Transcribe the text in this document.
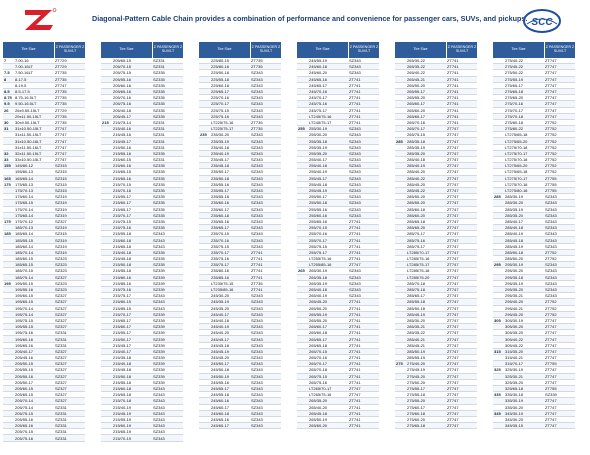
Diagonal-Pattern Cable Chain provides a combination of performance and convenience for passenger cars, SUVs, and pickups. SCC
Tire Size	Z PASSENGER Z SUV/LT
7	7.00-16	ZT729
7.00-16LT	ZT729
7.5	7.50-16LT	ZT735
8	8-17.5	ZT735
8-19.5	ZT747
8.5	8.5-17.5	ZT735
8.75 8.75-16.5LT	ZT735
9.5	9.50-16.5LT	ZT735
26	26x9.50-15LT	ZT729
29x11.50-15LT	ZT735
30	30x9.50-15LT	ZT735
31	31x10.50-15LT	ZT747
31x11.50-15LT	ZT747
31x10.50-16LT	ZT747
31x11.50-16LT	ZT747
32	32x11.50-15LT	ZT747
33	33x10.50-15LT	ZT747
155	145/80-12	SZ315
155/80-13	SZ315
165	165/65-14	SZ315
175	175/65-13	SZ315
175/70-13	SZ315
175/60-14	SZ319
175/65-15	SZ319
175/70-14	SZ319
175/65-14	SZ319
175	175/70-12	SZ327
185/70-13	SZ319
185	185/65-14	SZ315
185/55-15	SZ319
185/60-14	SZ319
185/70-14	SZ319
185/60-15	SZ323
185/65-15	SZ323
185/70-15	SZ323
185/75-14	SZ327
195	195/50-15	SZ323
195/55-16	SZ323
195/60-15	SZ327
195/65-15	SZ327
195/70-14	SZ327
195/75-14	SZ327
195/75-15	SZ327
195/55-15	SZ327
195/75-16	SZ331
195/60-16	SZ331
195/65-16	SZ331
205/40-17	SZ327
205/45-16	SZ327
205/50-15	SZ327
205/55-15	SZ327
205/55-16	SZ327
205/50-17	SZ327
205/60-15	SZ327
205/65-15	SZ327
205/70-14	SZ327
205/75-14	SZ331
205/75-15	SZ331
205/55-16	SZ331
205/65-16	SZ331
205/70-15	SZ331
205/75-16	SZ331
Tire Size	Z PASSENGER Z SUV/LT
205/65-15	SZ331
205/70-15	SZ331
205/75-15	SZ335
205/55-16	SZ335
205/60-16	SZ335
205/65-16	SZ335
205/70-16	SZ335
205/75-16	SZ335
205/40-18	SZ335
205/45-17	SZ335
215	215/75-14	SZ331
215/40-16	SZ331
215/45-16	SZ331
215/45-17	SZ331
215/50-16	SZ331
215/55-16	SZ335
215/60-15	SZ331
215/60-16	SZ335
215/65-15	SZ335
215/65-16	SZ335
215/70-15	SZ335
215/70-16	SZ335
215/55-17	SZ335
215/60-17	SZ335
215/65-17	SZ335
215/70-17	SZ335
215/75-15	SZ335
215/75-16	SZ335
215/55-18	SZ343
215/60-18	SZ343
215/65-18	SZ343
215/40-18	SZ335
215/45-18	SZ335
215/50-18	SZ335
215/55-18	SZ339
215/80-16	SZ339
215/85-16	SZ339
215/75-16	SZ339
215/75-17	SZ343
215/80-15	SZ343
215/85-15	SZ343
215/70-17	SZ339
215/65-17	SZ339
215/60-17	SZ339
215/55-17	SZ339
215/50-17	SZ339
215/45-17	SZ339
215/40-17	SZ339
215/35-18	SZ339
215/40-18	SZ339
215/45-18	SZ339
215/50-18	SZ339
215/55-18	SZ339
215/60-18	SZ343
215/65-18	SZ343
215/70-18	SZ343
215/40-19	SZ343
215/45-19	SZ343
215/55-19	SZ343
215/60-19	SZ343
215/65-19	SZ343
215/70-19	SZ343
Tire Size	Z PASSENGER Z SUV/LT
225/80-15	ZT735
225/80-16	ZT735
225/50-18	SZ343
225/55-18	SZ343
225/60-18	SZ343
225/65-17	SZ343
225/70-16	SZ343
225/70-17	SZ343
225/75-15	SZ343
225/75-16	SZ343
LT225/75-16	ZT735
LT225/75-17	ZT735
235	235/30-20	SZ343
235/35-19	SZ343
235/40-18	SZ343
235/40-19	SZ343
235/45-17	SZ343
235/45-18	SZ343
235/50-17	SZ343
235/50-18	SZ343
235/55-16	SZ343
235/55-17	SZ343
235/55-18	SZ343
235/60-16	SZ343
235/60-17	SZ343
235/60-18	SZ343
235/65-16	SZ343
235/65-17	SZ343
235/70-15	SZ343
235/70-16	SZ343
235/75-15	SZ343
235/70-17	ZT741
235/75-16	ZT741
235/75-17	ZT741
235/80-16	ZT741
235/85-16	ZT741
LT235/75-15	ZT735
LT235/85-16	ZT741
245/30-20	SZ343
245/35-19	SZ343
245/35-20	SZ343
245/40-17	SZ343
245/40-18	SZ343
245/40-19	SZ343
245/40-20	SZ343
245/45-17	SZ343
245/45-18	SZ343
245/45-19	SZ343
245/45-20	SZ343
245/50-17	SZ343
245/50-18	SZ343
245/50-19	SZ343
245/55-16	SZ343
245/55-17	SZ343
245/55-18	SZ343
245/60-16	SZ343
245/60-17	SZ343
245/60-18	SZ343
245/65-16	SZ343
245/65-17	SZ343
Tire Size	Z PASSENGER Z SUV/LT
245/55-19	SZ343
245/60-18	SZ343
245/60-20	SZ343
245/65-16	ZT741
245/65-17	ZT741
245/70-16	ZT741
245/70-17	ZT741
245/75-16	ZT741
245/75-17	ZT741
LT245/75-16	ZT741
LT245/75-17	ZT741
255	255/30-19	SZ343
255/30-20	SZ343
255/35-18	SZ343
255/35-19	SZ343
255/35-20	SZ343
255/40-17	SZ343
255/40-18	SZ343
255/40-19	SZ343
255/45-17	SZ343
255/45-18	SZ343
255/45-19	SZ343
255/50-17	SZ343
255/50-18	SZ343
255/55-16	SZ343
255/60-16	SZ343
255/65-16	ZT741
255/70-15	ZT741
255/70-16	ZT741
255/70-17	ZT741
255/75-15	ZT741
255/75-17	ZT741
LT255/75-16	ZT741
LT255/85-16	ZT747
265	265/30-19	SZ343
265/35-18	SZ343
265/35-19	SZ343
265/40-18	SZ343
265/40-19	SZ343
265/45-20	ZT741
265/50-20	ZT741
265/55-19	ZT741
265/55-20	ZT741
265/60-17	ZT741
265/60-18	ZT741
265/65-17	ZT741
265/65-18	ZT741
265/70-15	ZT741
265/70-16	ZT741
265/70-17	ZT741
265/70-18	ZT741
265/75-15	ZT741
265/75-16	ZT741
LT265/70-17	ZT747
LT265/75-16	ZT747
265/35-20	ZT741
265/40-20	ZT741
265/45-18	ZT741
265/50-19	ZT741
265/60-20	ZT741
Tire Size	Z PASSENGER Z SUV/LT
265/30-22	ZT741
265/35-22	ZT741
265/40-22	ZT741
265/45-21	ZT741
265/50-20	ZT741
265/55-17	ZT741
265/55-20	ZT741
265/60-17	ZT741
265/60-20	ZT741
265/65-17	ZT741
265/70-16	ZT741
265/70-17	ZT747
265/75-15	ZT747
285	285/35-18	ZT747
285/35-19	ZT747
285/35-20	ZT747
285/40-18	ZT747
285/40-19	ZT747
285/40-20	ZT747
285/40-22	ZT747
285/45-20	ZT747
285/45-22	ZT747
285/50-20	ZT747
285/55-20	ZT747
285/60-18	ZT747
285/60-20	ZT747
285/65-18	ZT747
285/65-20	ZT747
285/70-17	ZT747
285/75-16	ZT747
285/75-17	ZT747
LT285/70-17	ZT747
LT285/75-16	ZT747
LT285/75-17	ZT747
LT285/75-18	ZT747
LT285/75-20	ZT747
285/70-18	ZT747
285/75-18	ZT747
285/65-17	ZT747
285/55-18	ZT747
285/50-18	ZT747
285/45-19	ZT747
285/30-20	ZT747
285/35-21	ZT747
285/35-22	ZT747
285/40-21	ZT747
285/45-21	ZT747
285/50-19	ZT747
285/55-19	ZT747
275	275/40-20	ZT747
275/45-19	ZT747
275/45-20	ZT747
275/50-20	ZT747
275/55-17	ZT747
275/55-18	ZT747
275/55-20	ZT747
275/60-17	ZT747
275/60-18	ZT747
275/60-20	ZT747
275/65-18	ZT747
Tire Size	Z PASSENGER Z SUV/LT
275/40-22	ZT747
275/45-22	ZT747
275/50-22	ZT747
275/55-19	ZT747
275/65-17	ZT747
275/65-18	ZT747
275/65-20	ZT747
275/70-16	ZT747
275/70-17	ZT747
275/70-18	ZT747
275/80-18	ZT752
275/80-22	ZT752
LT275/65-18	ZT752
LT275/65-20	ZT752
LT275/70-18	ZT752
LT275/70-17	ZT752
LT275/70-18	ZT752
LT275/65-20	ZT752
LT275/65-18	ZT752
LT275/70-17	ZT755
LT275/70-18	ZT755
LT275/80-18	ZT755
285	285/30-19	SZ343
285/30-20	SZ343
285/35-19	SZ343
285/35-20	SZ343
285/40-17	SZ343
285/40-18	SZ343
285/40-19	SZ343
285/45-18	SZ343
285/45-19	SZ343
285/50-18	ZT752
285/50-20	ZT752
295	295/30-19	SZ343
295/30-20	SZ343
295/35-18	SZ343
295/35-19	SZ343
295/35-20	SZ343
295/35-21	SZ343
295/40-20	ZT752
295/40-21	ZT752
295/45-20	ZT752
305	305/30-19	ZT747
305/30-20	ZT747
305/35-20	ZT747
305/40-22	ZT747
305/45-22	ZT747
315	315/35-20	ZT747
315/40-21	ZT747
315/70-17	ZT755
325	325/30-19	ZT747
325/30-21	ZT747
325/35-20	ZT747
325/65-18	ZT755
335	335/30-18	SZ339
335/30-19	ZT747
335/30-20	ZT747
345	345/30-19	ZT747
345/30-20	ZT747
345/35-15	ZT747
